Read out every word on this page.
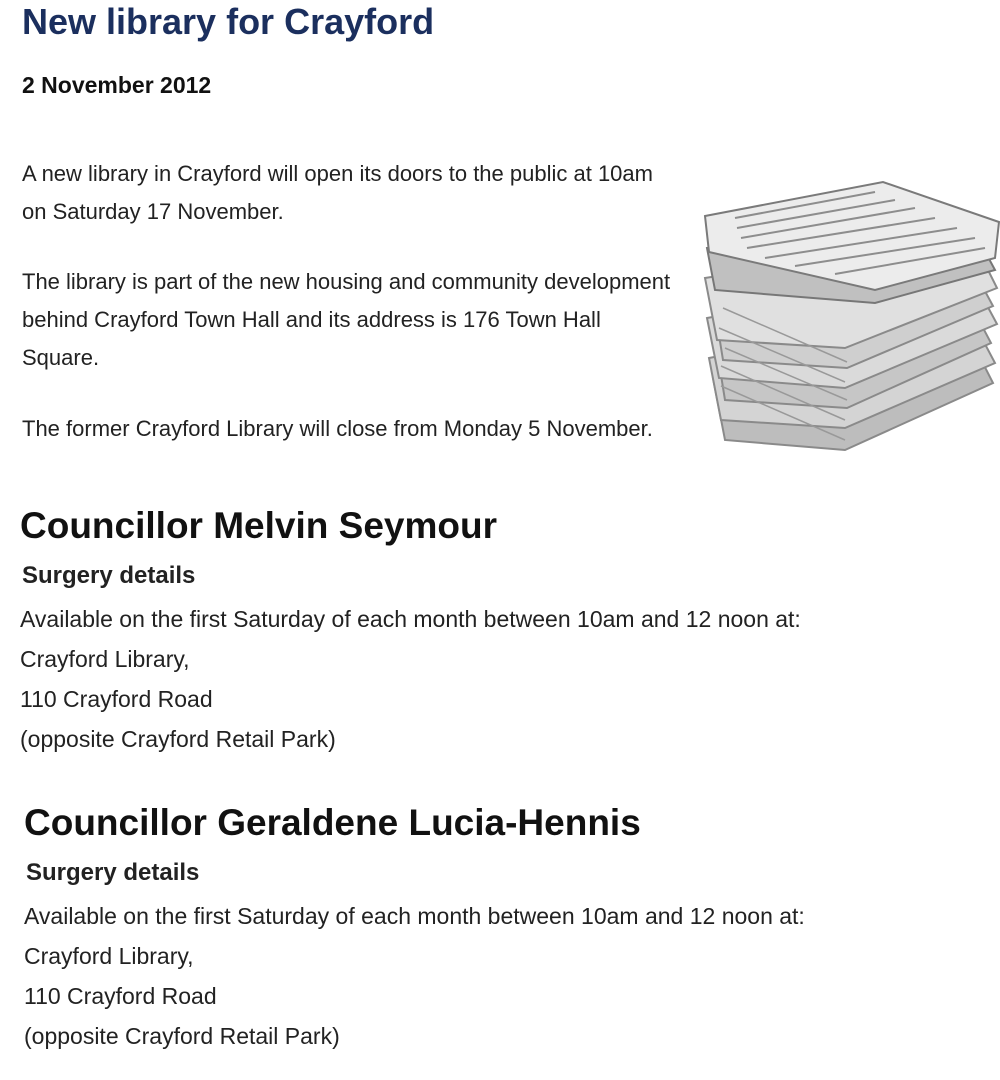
New library for Crayford
2 November 2012

A new library in Crayford will open its doors to the public at 10am on Saturday 17 November.

The library is part of the new housing and community development behind Crayford Town Hall and its address is 176 Town Hall Square.

The former Crayford Library will close from Monday 5 November.

Councillor Melvin Seymour
Surgery details
Available on the first Saturday of each month between 10am and 12 noon at:
Crayford Library,
110 Crayford Road
(opposite Crayford Retail Park)
Councillor Geraldene Lucia-Hennis
Surgery details
Available on the first Saturday of each month between 10am and 12 noon at:
Crayford Library,
110 Crayford Road
(opposite Crayford Retail Park)
